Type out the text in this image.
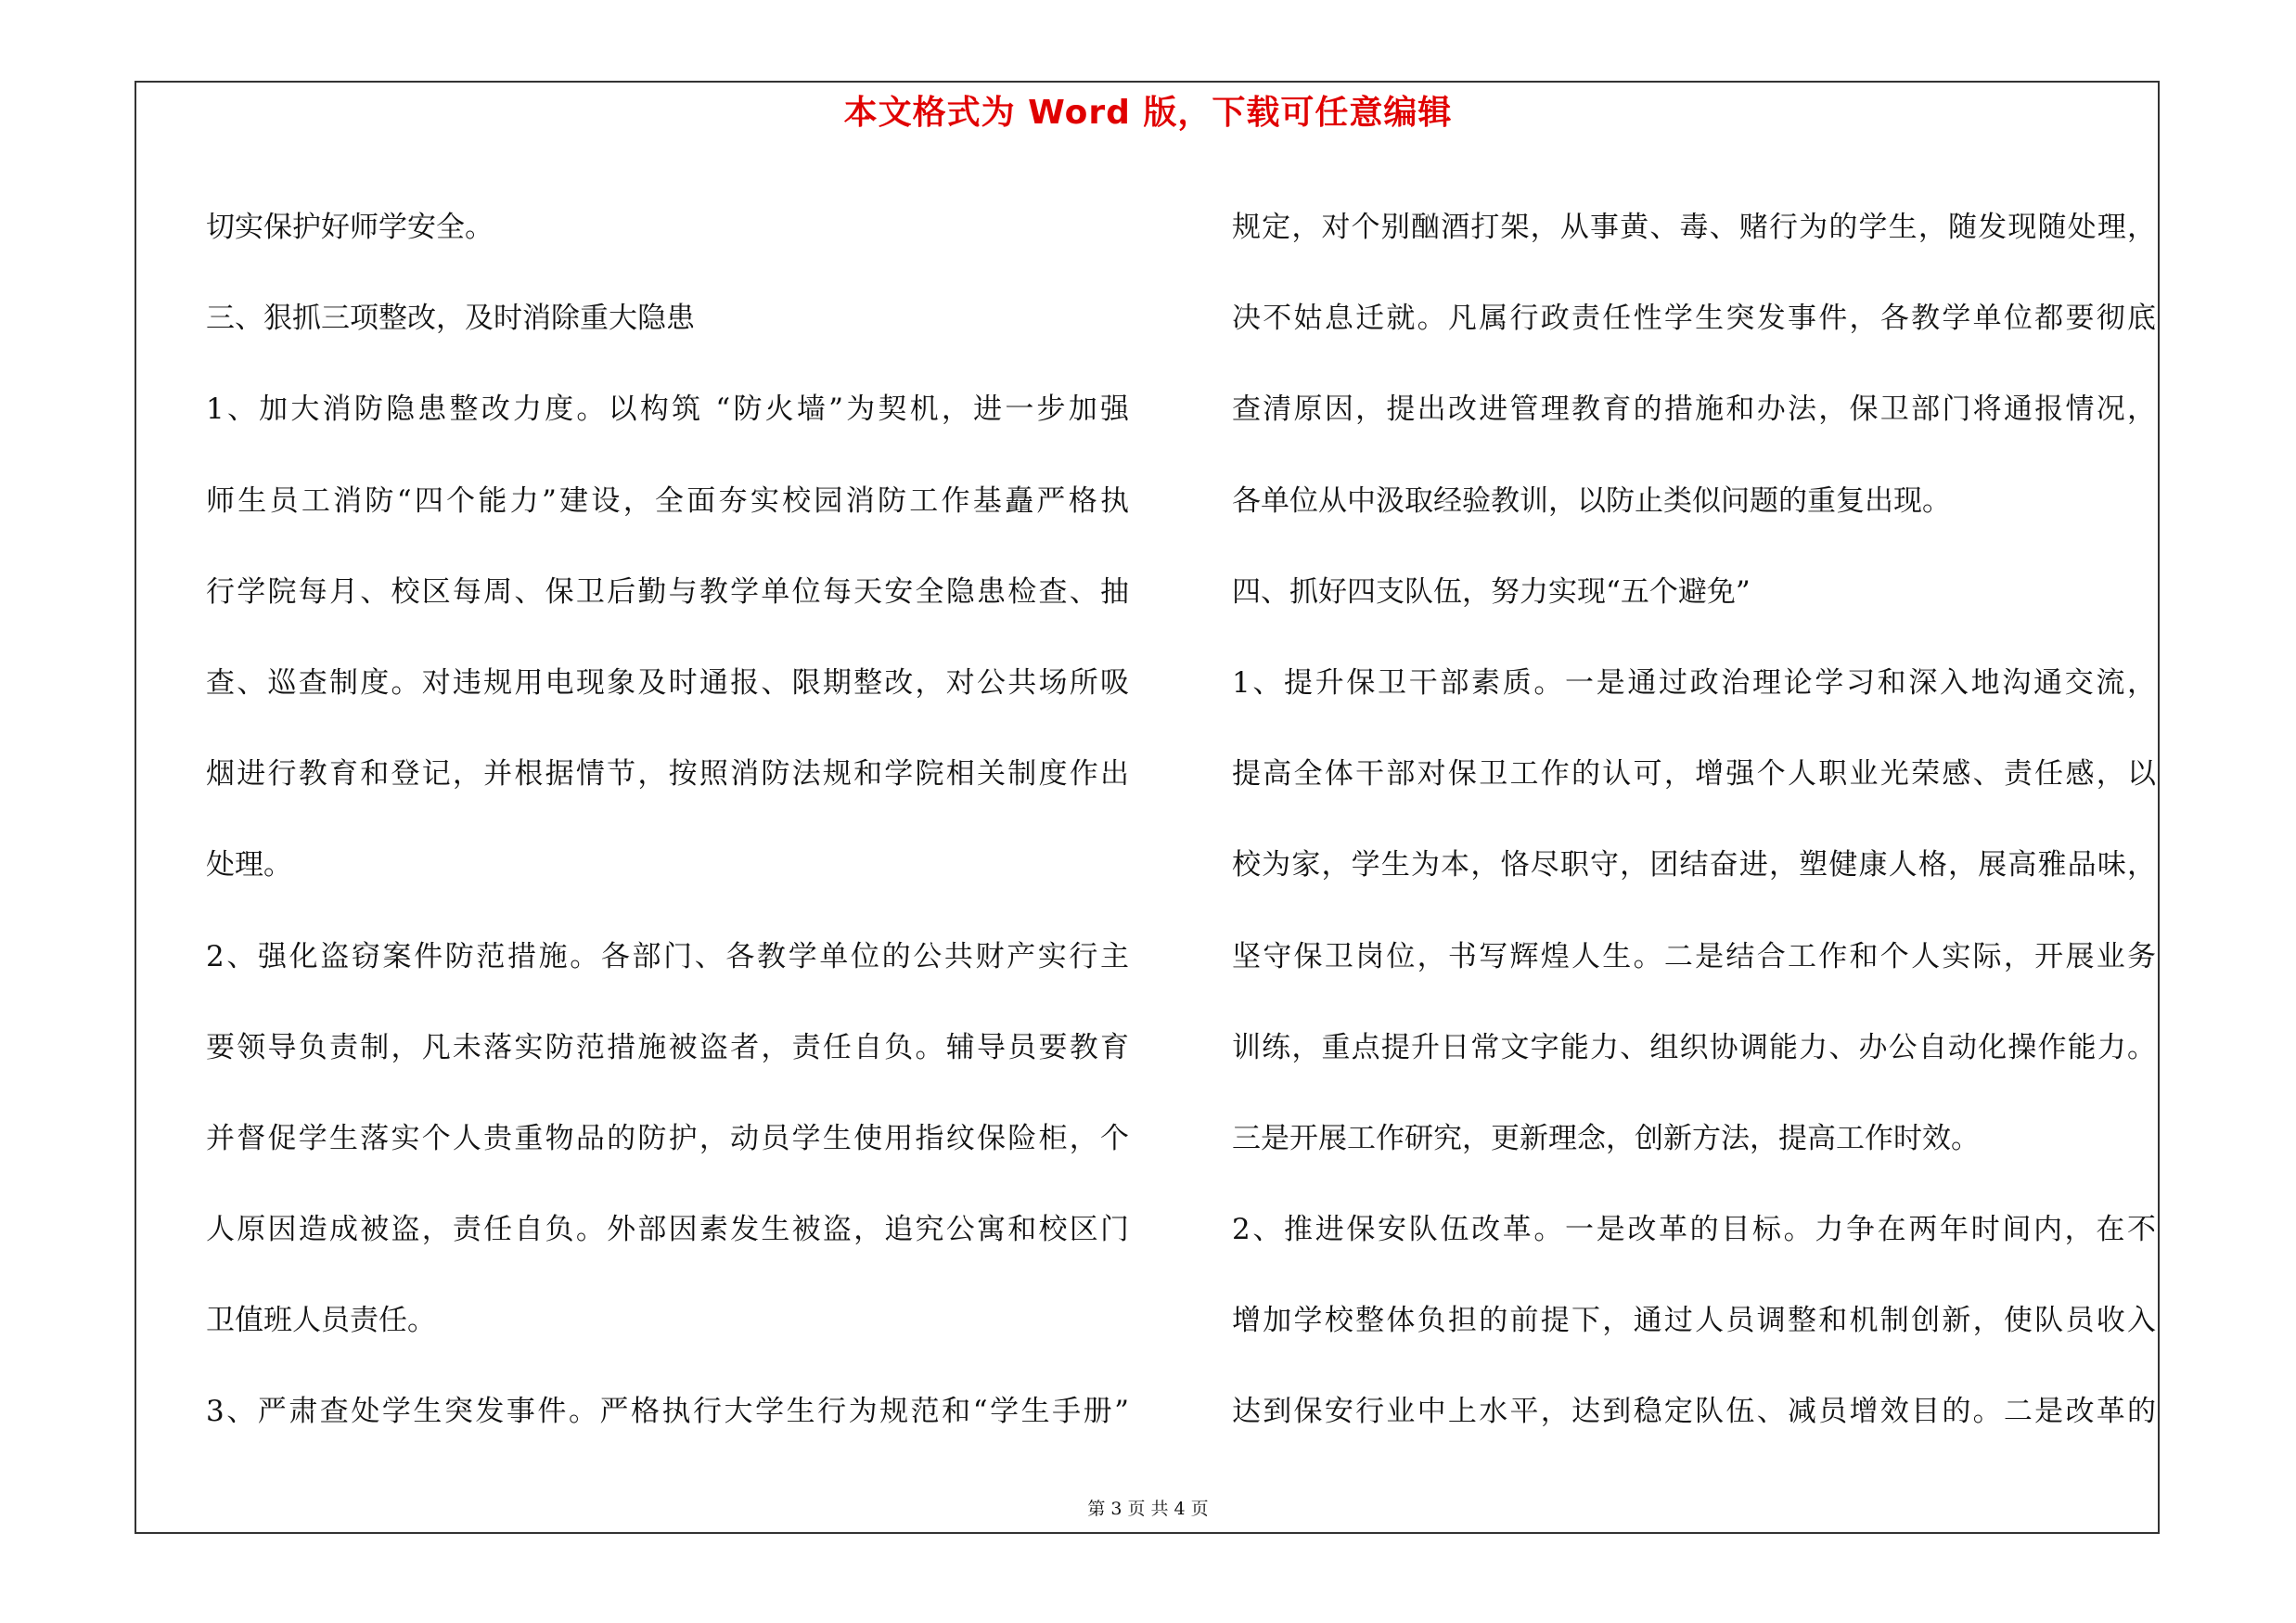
本文格式为 Word 版，下载可任意编辑
切实保护好师学安全。
三、狠抓三项整改，及时消除重大隐患
1、加大消防隐患整改力度。以构筑 “防火墙”为契机，进一步加强
师生员工消防“四个能力”建设，全面夯实校园消防工作基矗严格执
行学院每月、校区每周、保卫后勤与教学单位每天安全隐患检查、抽
查、巡查制度。对违规用电现象及时通报、限期整改，对公共场所吸
烟进行教育和登记，并根据情节，按照消防法规和学院相关制度作出
处理。
2、强化盗窃案件防范措施。各部门、各教学单位的公共财产实行主
要领导负责制，凡未落实防范措施被盗者，责任自负。辅导员要教育
并督促学生落实个人贵重物品的防护，动员学生使用指纹保险柜，个
人原因造成被盗，责任自负。外部因素发生被盗，追究公寓和校区门
卫值班人员责任。
3、严肃查处学生突发事件。严格执行大学生行为规范和“学生手册”
规定，对个别酗酒打架，从事黄、毒、赌行为的学生，随发现随处理，
决不姑息迁就。凡属行政责任性学生突发事件，各教学单位都要彻底
查清原因，提出改进管理教育的措施和办法，保卫部门将通报情况，
各单位从中汲取经验教训，以防止类似问题的重复出现。
四、抓好四支队伍，努力实现“五个避免”
1、提升保卫干部素质。一是通过政治理论学习和深入地沟通交流，
提高全体干部对保卫工作的认可，增强个人职业光荣感、责任感，以
校为家，学生为本，恪尽职守，团结奋进，塑健康人格，展高雅品味，
坚守保卫岗位，书写辉煌人生。二是结合工作和个人实际，开展业务
训练，重点提升日常文字能力、组织协调能力、办公自动化操作能力。
三是开展工作研究，更新理念，创新方法，提高工作时效。
2、推进保安队伍改革。一是改革的目标。力争在两年时间内，在不
增加学校整体负担的前提下，通过人员调整和机制创新，使队员收入
达到保安行业中上水平，达到稳定队伍、减员增效目的。二是改革的
第 3 页 共 4 页
